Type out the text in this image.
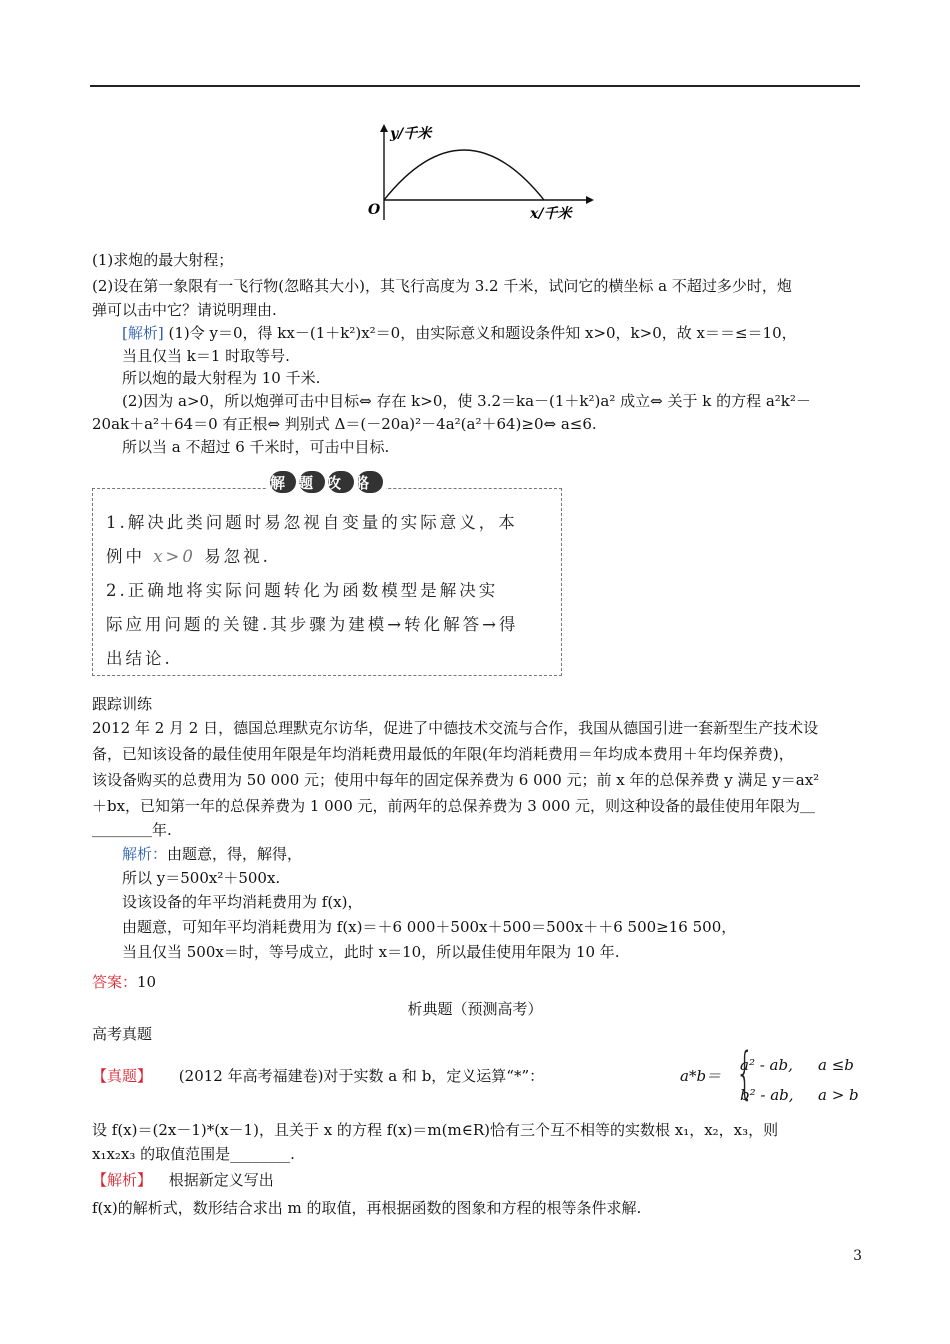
y/千米
O	x/千米
(1)求炮的最大射程；
(2)设在第一象限有一飞行物(忽略其大小)，其飞行高度为 3.2 千米，试问它的横坐标 a 不超过多少时，炮
弹可以击中它？请说明理由.
[解析] (1)令 y＝0，得 kx－(1＋k²)x²＝0，由实际意义和题设条件知 x>0，k>0，故 x＝＝≤＝10，
当且仅当 k＝1 时取等号.
所以炮的最大射程为 10 千米.
(2)因为 a>0，所以炮弹可击中目标⇔ 存在 k>0，使 3.2＝ka－(1＋k²)a² 成立⇔ 关于 k 的方程 a²k²－
20ak＋a²＋64＝0 有正根⇔ 判别式 Δ＝(－20a)²－4a²(a²＋64)≥0⇔ a≤6.
所以当 a 不超过 6 千米时，可击中目标.
解题攻略
1.解决此类问题时易忽视自变量的实际意义，本
例中 x>0 易忽视.
2.正确地将实际问题转化为函数模型是解决实
际应用问题的关键.其步骤为建模→转化解答→得
出结论.
跟踪训练
2012 年 2 月 2 日，德国总理默克尔访华，促进了中德技术交流与合作，我国从德国引进一套新型生产技术设
备，已知该设备的最佳使用年限是年均消耗费用最低的年限(年均消耗费用＝年均成本费用＋年均保养费)，
该设备购买的总费用为 50 000 元；使用中每年的固定保养费为 6 000 元；前 x 年的总保养费 y 满足 y＝ax²
＋bx，已知第一年的总保养费为 1 000 元，前两年的总保养费为 3 000 元，则这种设备的最佳使用年限为＿
＿＿＿＿年.
解析：由题意，得，解得，
所以 y＝500x²＋500x.
设该设备的年平均消耗费用为 f(x)，
由题意，可知年平均消耗费用为 f(x)＝＋6 000＋500x＋500＝500x＋＋6 500≥16 500，
当且仅当 500x＝时，等号成立，此时 x＝10，所以最佳使用年限为 10 年.
答案：10
析典题（预测高考）
高考真题
【真题】 (2012 年高考福建卷)对于实数 a 和 b，定义运算“*”：	a*b＝ {
a² - ab, a ≤b
b² - ab, a > b
设 f(x)＝(2x－1)*(x－1)，且关于 x 的方程 f(x)＝m(m∈R)恰有三个互不相等的实数根 x₁，x₂，x₃，则
x₁x₂x₃ 的取值范围是________.
【解析】 根据新定义写出
f(x)的解析式，数形结合求出 m 的取值，再根据函数的图象和方程的根等条件求解.
3
